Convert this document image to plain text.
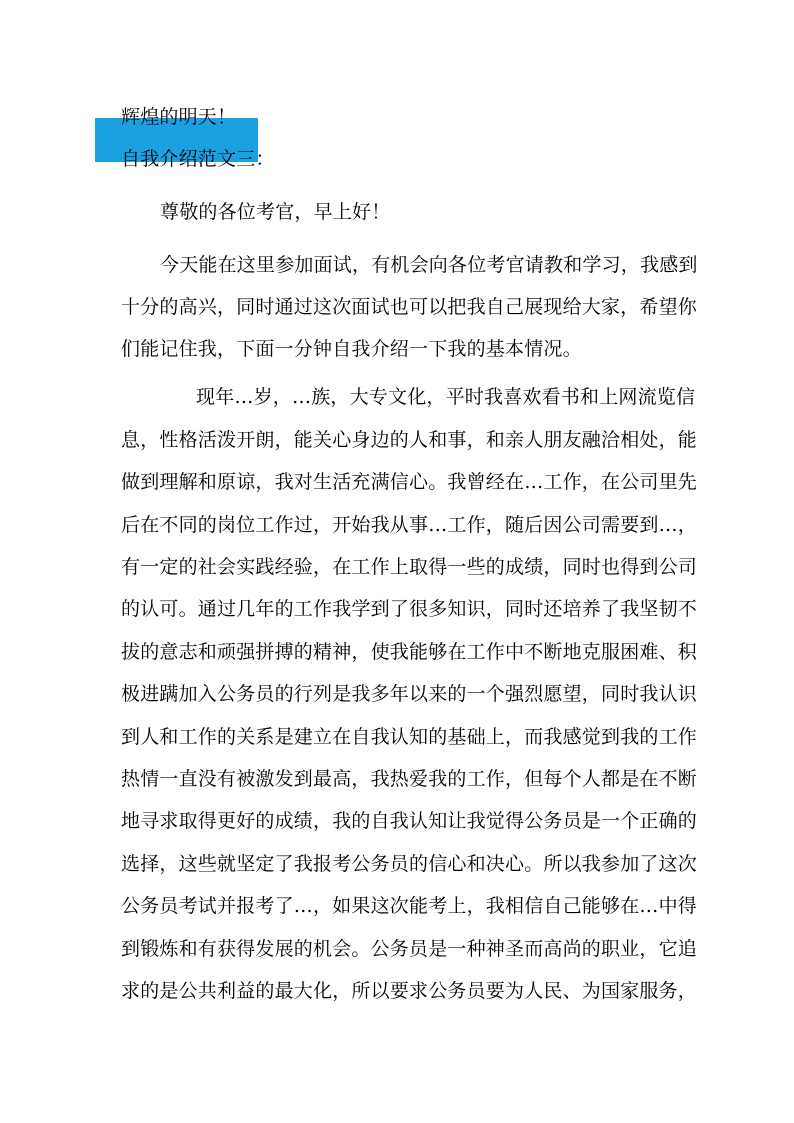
辉煌的明天！
自我介绍范文三：
尊敬的各位考官，早上好！
今天能在这里参加面试，有机会向各位考官请教和学习，我感到
十分的高兴，同时通过这次面试也可以把我自己展现给大家，希望你
们能记住我，下面一分钟自我介绍一下我的基本情况。
现年…岁，…族，大专文化，平时我喜欢看书和上网流览信
息，性格活泼开朗，能关心身边的人和事，和亲人朋友融洽相处，能
做到理解和原谅，我对生活充满信心。我曾经在…工作，在公司里先
后在不同的岗位工作过，开始我从事…工作，随后因公司需要到…，
有一定的社会实践经验，在工作上取得一些的成绩，同时也得到公司
的认可。通过几年的工作我学到了很多知识，同时还培养了我坚韧不
拔的意志和顽强拼搏的精神，使我能够在工作中不断地克服困难、积
极进蹒加入公务员的行列是我多年以来的一个强烈愿望，同时我认识
到人和工作的关系是建立在自我认知的基础上，而我感觉到我的工作
热情一直没有被激发到最高，我热爱我的工作，但每个人都是在不断
地寻求取得更好的成绩，我的自我认知让我觉得公务员是一个正确的
选择，这些就坚定了我报考公务员的信心和决心。所以我参加了这次
公务员考试并报考了…，如果这次能考上，我相信自己能够在…中得
到锻炼和有获得发展的机会。公务员是一种神圣而高尚的职业，它追
求的是公共利益的最大化，所以要求公务员要为人民、为国家服务，
